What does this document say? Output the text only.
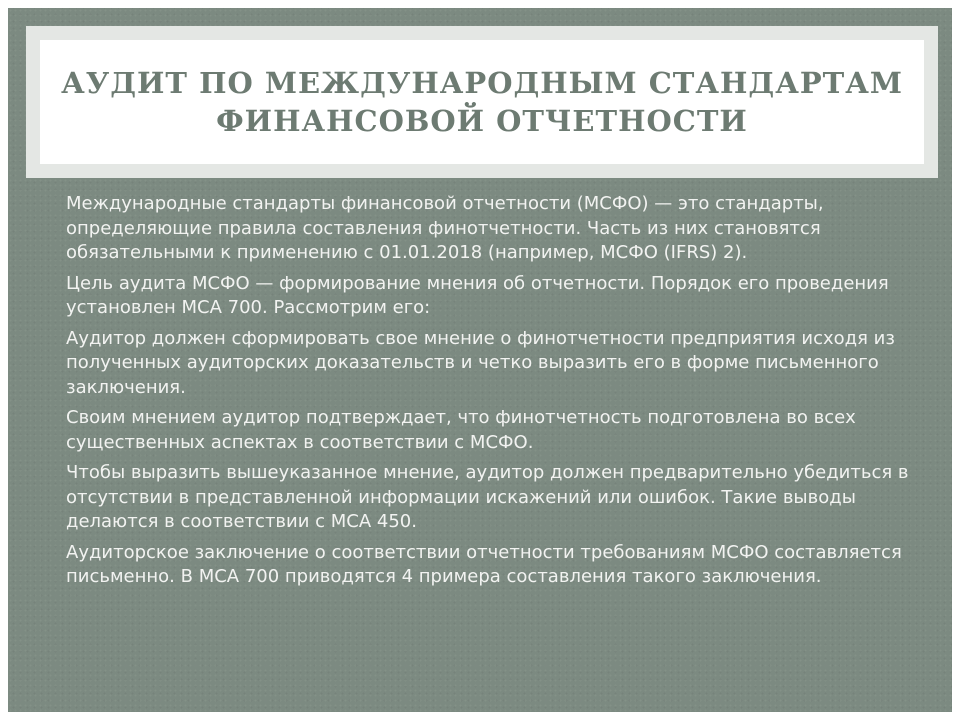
АУДИТ ПО МЕЖДУНАРОДНЫМ СТАНДАРТАМ
ФИНАНСОВОЙ ОТЧЕТНОСТИ

Международные стандарты финансовой отчетности (МСФО) — это стандарты, определяющие правила составления финотчетности. Часть из них становятся обязательными к применению с 01.01.2018 (например, МСФО (IFRS) 2).

Цель аудита МСФО — формирование мнения об отчетности. Порядок его проведения установлен МСА 700. Рассмотрим его:

Аудитор должен сформировать свое мнение о финотчетности предприятия исходя из полученных аудиторских доказательств и четко выразить его в форме письменного заключения.

Своим мнением аудитор подтверждает, что финотчетность подготовлена во всех существенных аспектах в соответствии с МСФО.

Чтобы выразить вышеуказанное мнение, аудитор должен предварительно убедиться в отсутствии в представленной информации искажений или ошибок. Такие выводы делаются в соответствии с МСА 450.

Аудиторское заключение о соответствии отчетности требованиям МСФО составляется письменно. В МСА 700 приводятся 4 примера составления такого заключения.
